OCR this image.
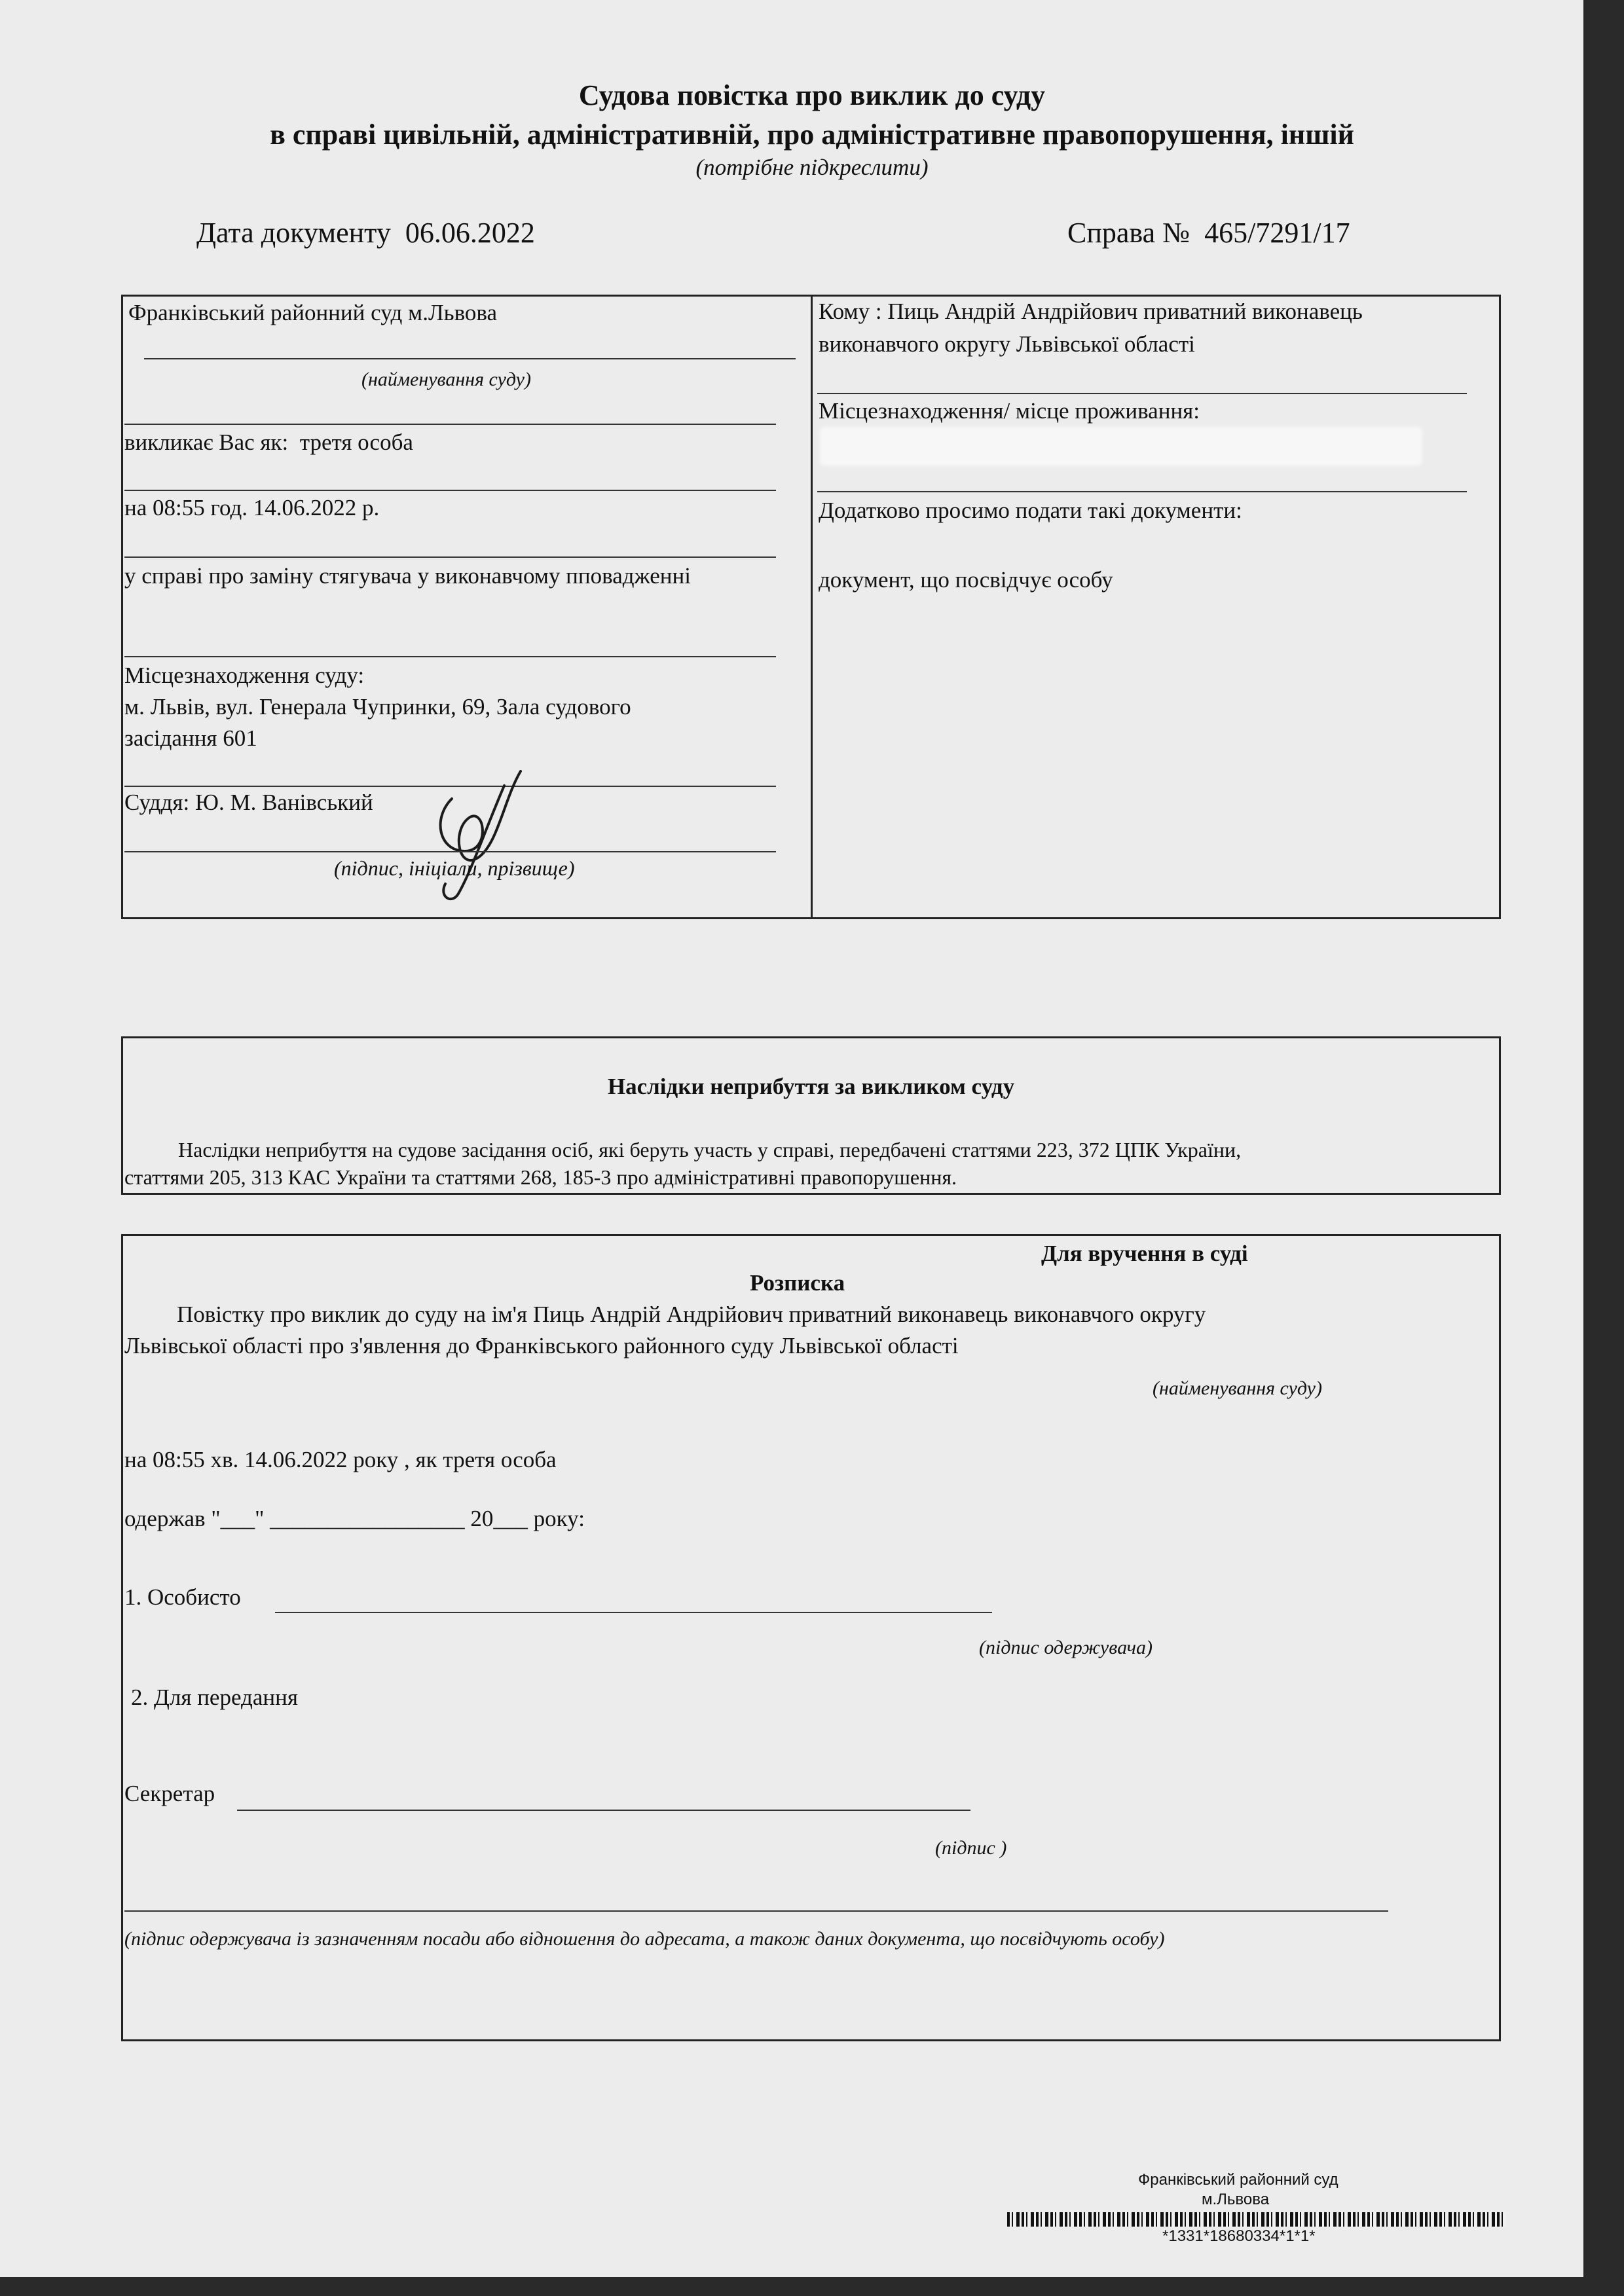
Судова повістка про виклик до суду
в справі цивільній, адміністративній, про адміністративне правопорушення, іншій
(потрібне підкреслити)
Дата документу 06.06.2022	Справа № 465/7291/17
Франківський районний суд м.Львова
(найменування суду)
викликає Вас як: третя особа
на 08:55 год. 14.06.2022 р.
у справі про заміну стягувача у виконавчому пповадженні
Місцезнаходження суду:
м. Львів, вул. Генерала Чупринки, 69, Зала судового
засідання 601
Суддя: Ю. М. Ванівський
(підпис, ініціали, прізвище)
Кому : Пиць Андрій Андрійович приватний виконавець
виконавчого округу Львівської області
Місцезнаходження/ місце проживання:
Додатково просимо подати такі документи:
документ, що посвідчує особу
Наслідки неприбуття за викликом суду
Наслідки неприбуття на судове засідання осіб, які беруть участь у справі, передбачені статтями 223, 372 ЦПК України,
статтями 205, 313 КАС України та статтями 268, 185-3 про адміністративні правопорушення.
Для вручення в суді
Розписка
Повістку про виклик до суду на ім'я Пиць Андрій Андрійович приватний виконавець виконавчого округу
Львівської області про з'явлення до Франківського районного суду Львівської області
(найменування суду)
на 08:55 хв. 14.06.2022 року , як третя особа
одержав "___" _________________ 20___ року:
1. Особисто
(підпис одержувача)
2. Для передання
Секретар
(підпис )
(підпис одержувача із зазначенням посади або відношення до адресата, а також даних документа, що посвідчують особу)
Франківський районний суд
м.Львова
*1331*18680334*1*1*
